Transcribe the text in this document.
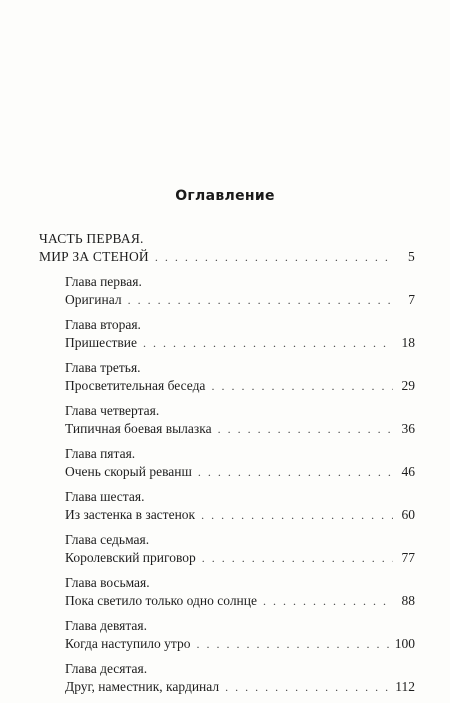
Оглавление
ЧАСТЬ ПЕРВАЯ.
МИР ЗА СТЕНОЙ . . .	5
Глава первая.
Оригинал . . .	7
Глава вторая.
Пришествие . . .	18
Глава третья.
Просветительная беседа . . .	29
Глава четвертая.
Типичная боевая вылазка . . .	36
Глава пятая.
Очень скорый реванш . . .	46
Глава шестая.
Из застенка в застенок . . .	60
Глава седьмая.
Королевский приговор . . .	77
Глава восьмая.
Пока светило только одно солнце . . .	88
Глава девятая.
Когда наступило утро . . .	100
Глава десятая.
Друг, наместник, кардинал . . .	112
